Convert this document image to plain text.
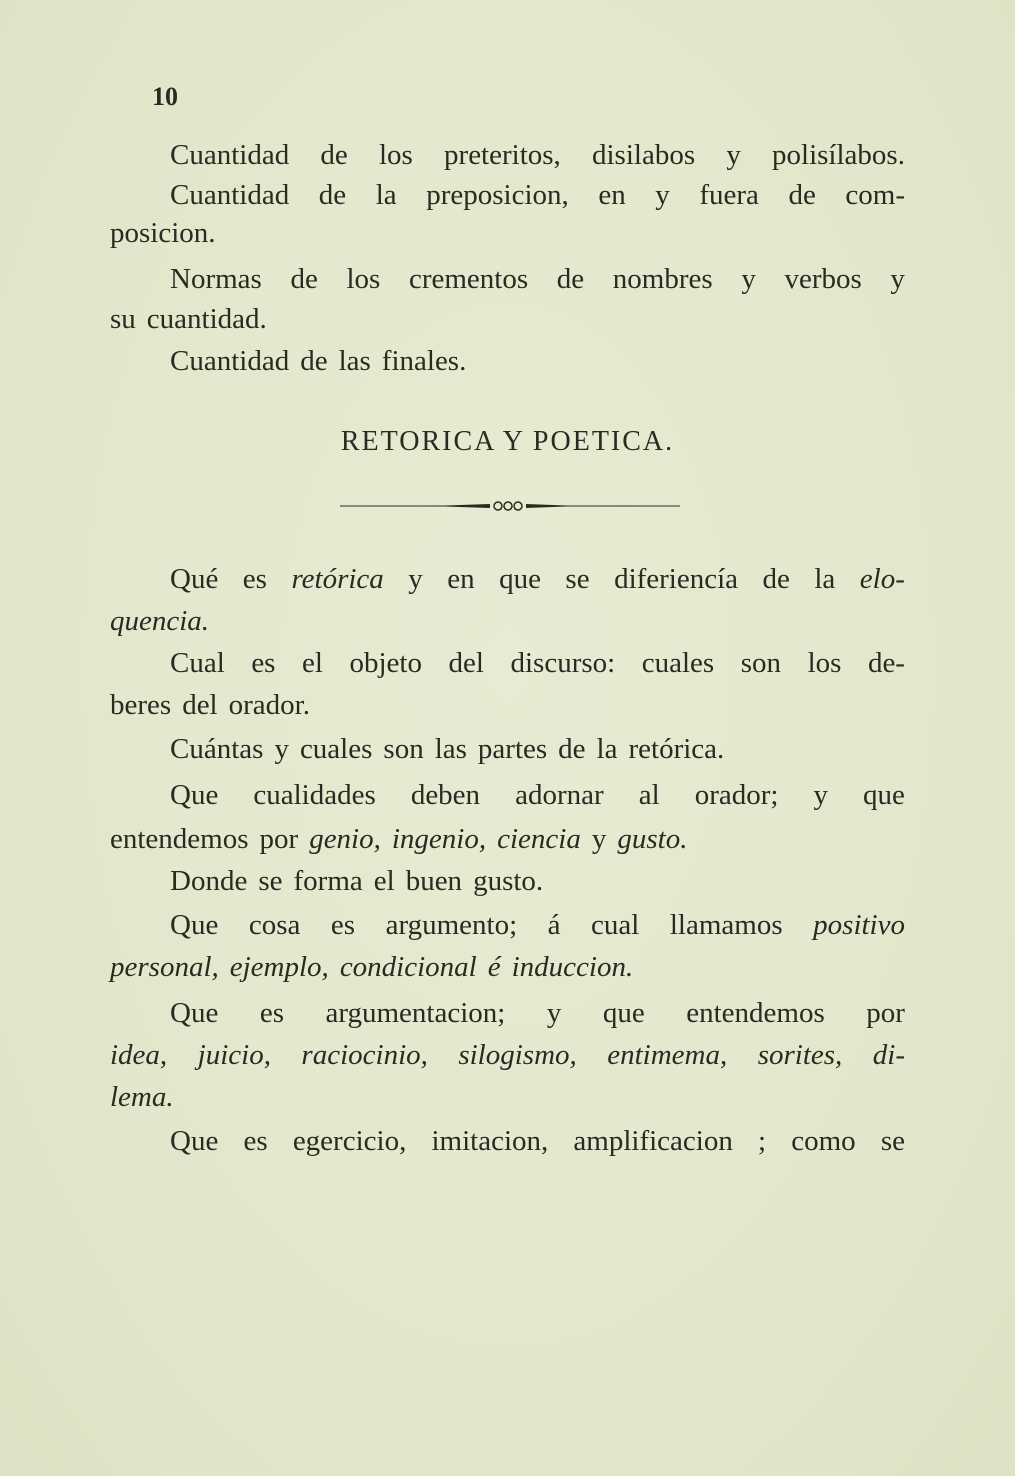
10
RETORICA Y POETICA.
Cuantidad de los preteritos, disilabos y polisílabos.
Cuantidad de la preposicion, en y fuera de com-
posicion.
Normas de los crementos de nombres y verbos y
su cuantidad.
Cuantidad de las finales.
Qué es retórica y en que se diferiencía de la elo-
quencia.
Cual es el objeto del discurso: cuales son los de-
beres del orador.
Cuántas y cuales son las partes de la retórica.
Que cualidades deben adornar al orador; y que
entendemos por genio, ingenio, ciencia y gusto.
Donde se forma el buen gusto.
Que cosa es argumento; á cual llamamos positivo
personal, ejemplo, condicional é induccion.
Que es argumentacion; y que entendemos por
idea, juicio, raciocinio, silogismo, entimema, sorites, di-
lema.
Que es egercicio, imitacion, amplificacion ; como se
